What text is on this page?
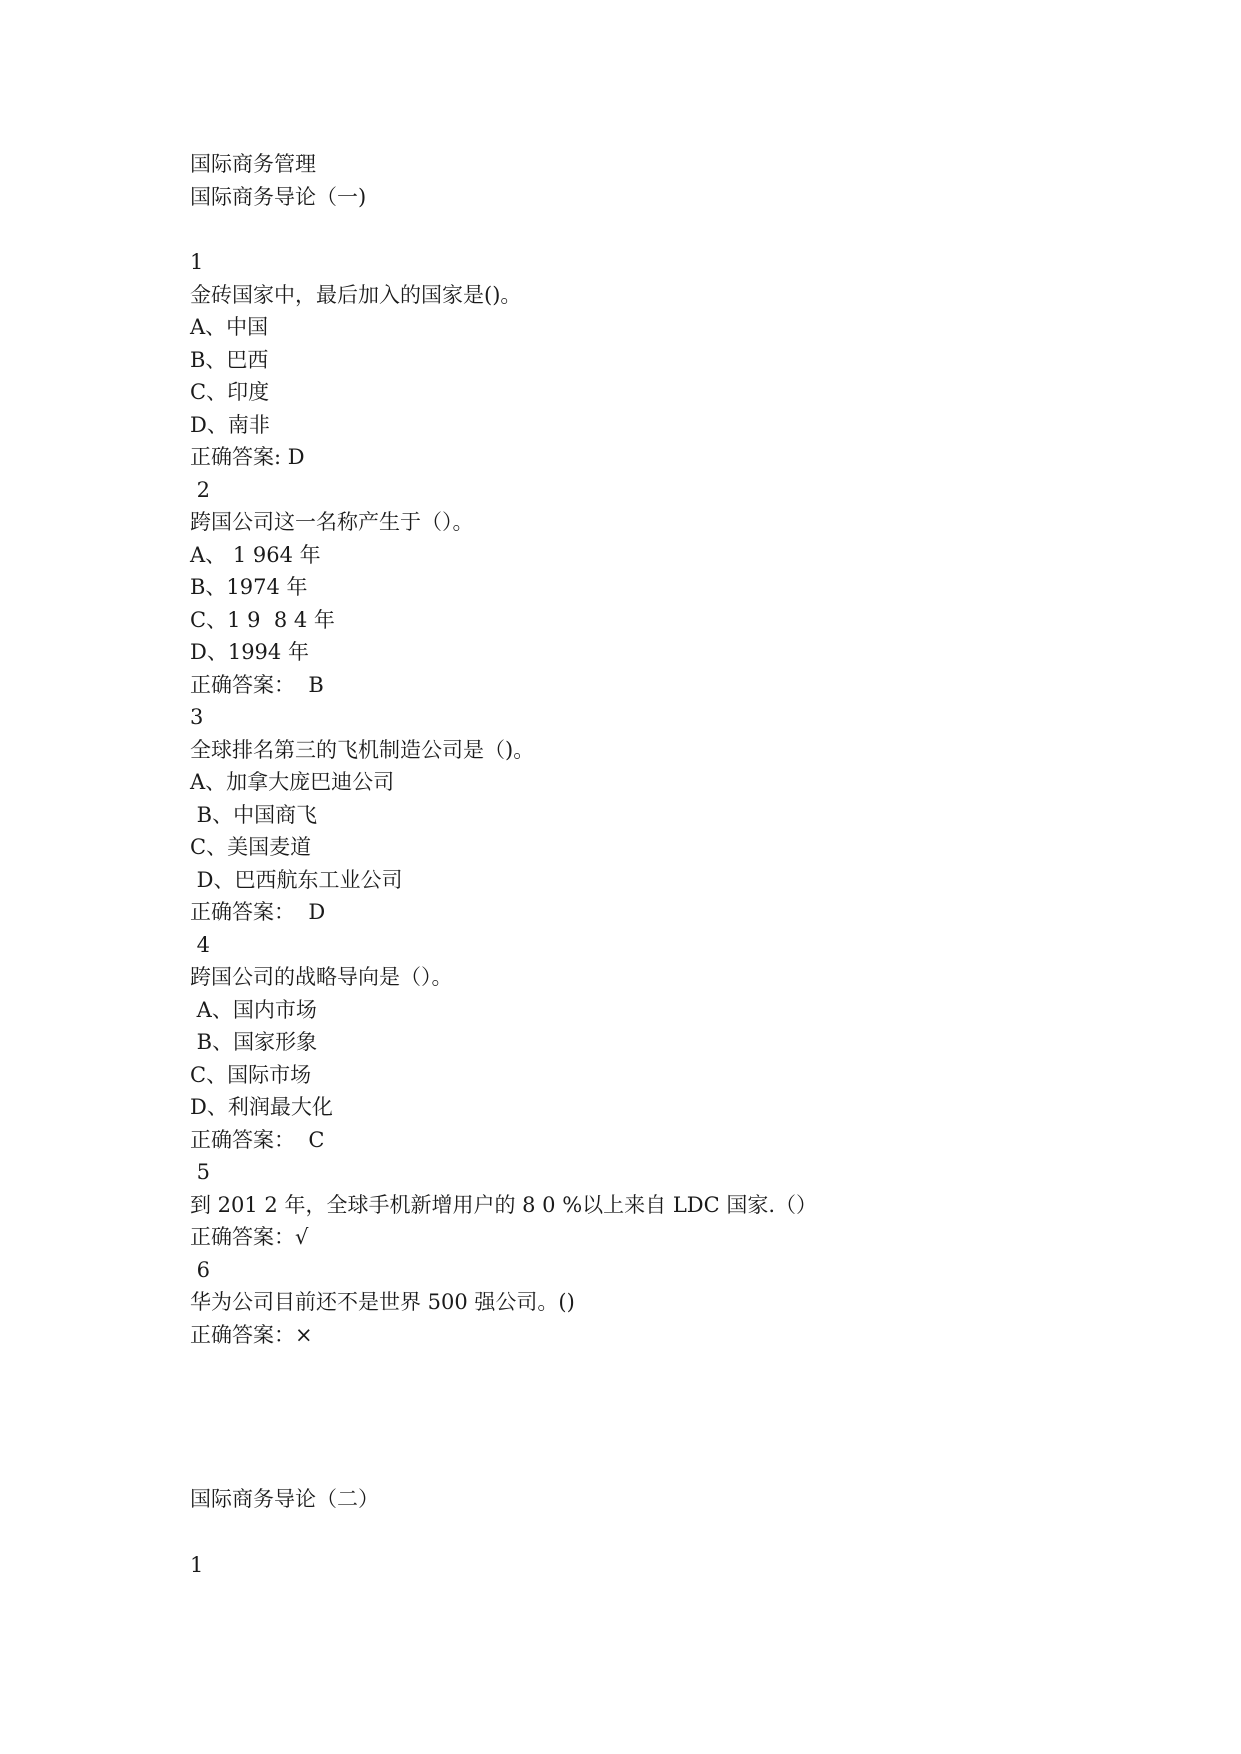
国际商务管理
国际商务导论（一)
1
金砖国家中，最后加入的国家是()。
A、中国
B、巴西
C、印度
D、南非
正确答案: D
2
跨国公司这一名称产生于（）。
A、 1 964 年
B、1974 年
C、1 9  8 4 年
D、1994 年
正确答案：  B
3
全球排名第三的飞机制造公司是（)。
A、加拿大庞巴迪公司
B、中国商飞
C、美国麦道
D、巴西航东工业公司
正确答案：  D
4
跨国公司的战略导向是（）。
A、国内市场
B、国家形象
C、国际市场
D、利润最大化
正确答案：  C
5
到 201 2 年，全球手机新增用户的 8 0 %以上来自 LDC 国家.（）
正确答案：√
6
华为公司目前还不是世界 500 强公司。()
正确答案：×
国际商务导论（二）
1
